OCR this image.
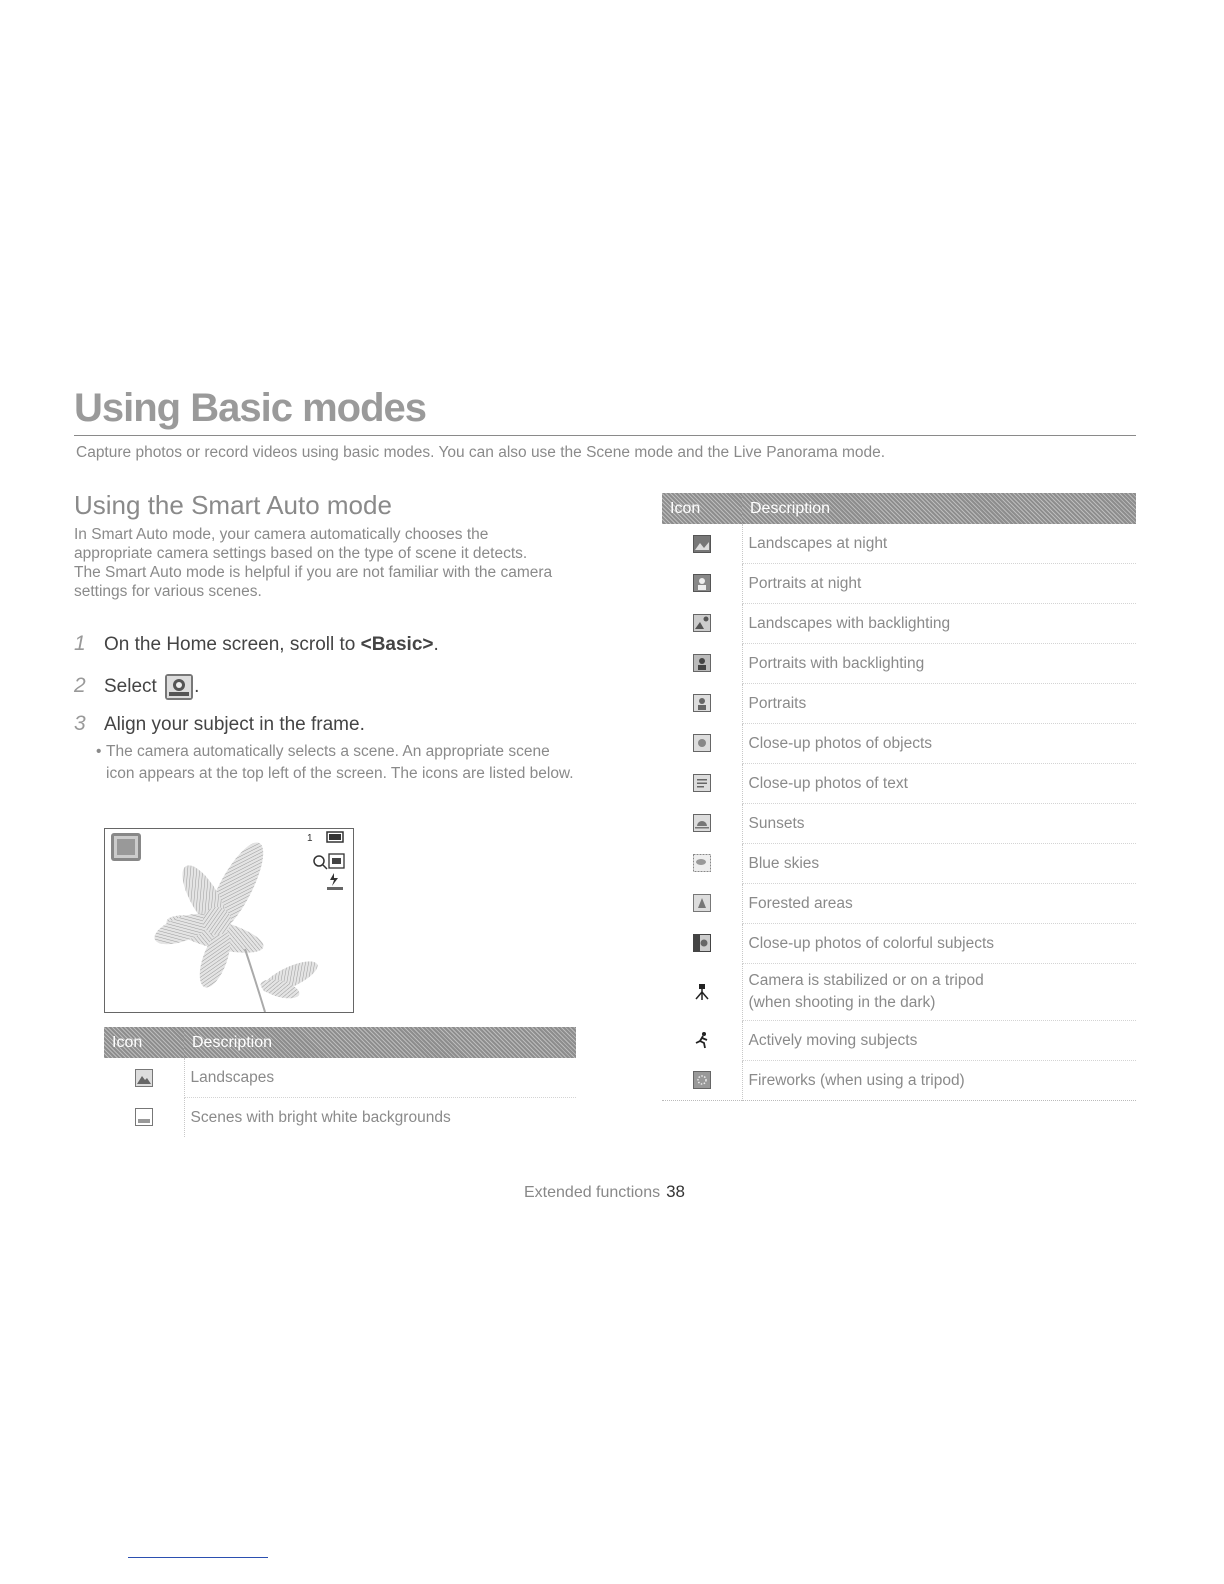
Using Basic modes
Capture photos or record videos using basic modes. You can also use the Scene mode and the Live Panorama mode.
Using the Smart Auto mode

In Smart Auto mode, your camera automatically chooses the appropriate camera settings based on the type of scene it detects. The Smart Auto mode is helpful if you are not familiar with the camera settings for various scenes.

1 On the Home screen, scroll to <Basic>.
2 Select .
3 Align your subject in the frame.
• The camera automatically selects a scene. An appropriate scene icon appears at the top left of the screen. The icons are listed below.
1
Icon	Description
	Landscapes
	Scenes with bright white backgrounds
Icon	Description
	Landscapes at night
	Portraits at night
	Landscapes with backlighting
	Portraits with backlighting
	Portraits
	Close-up photos of objects
	Close-up photos of text
	Sunsets
	Blue skies
	Forested areas
	Close-up photos of colorful subjects
	Camera is stabilized or on a tripod
(when shooting in the dark)
	Actively moving subjects
	Fireworks (when using a tripod)
Extended functions 38
